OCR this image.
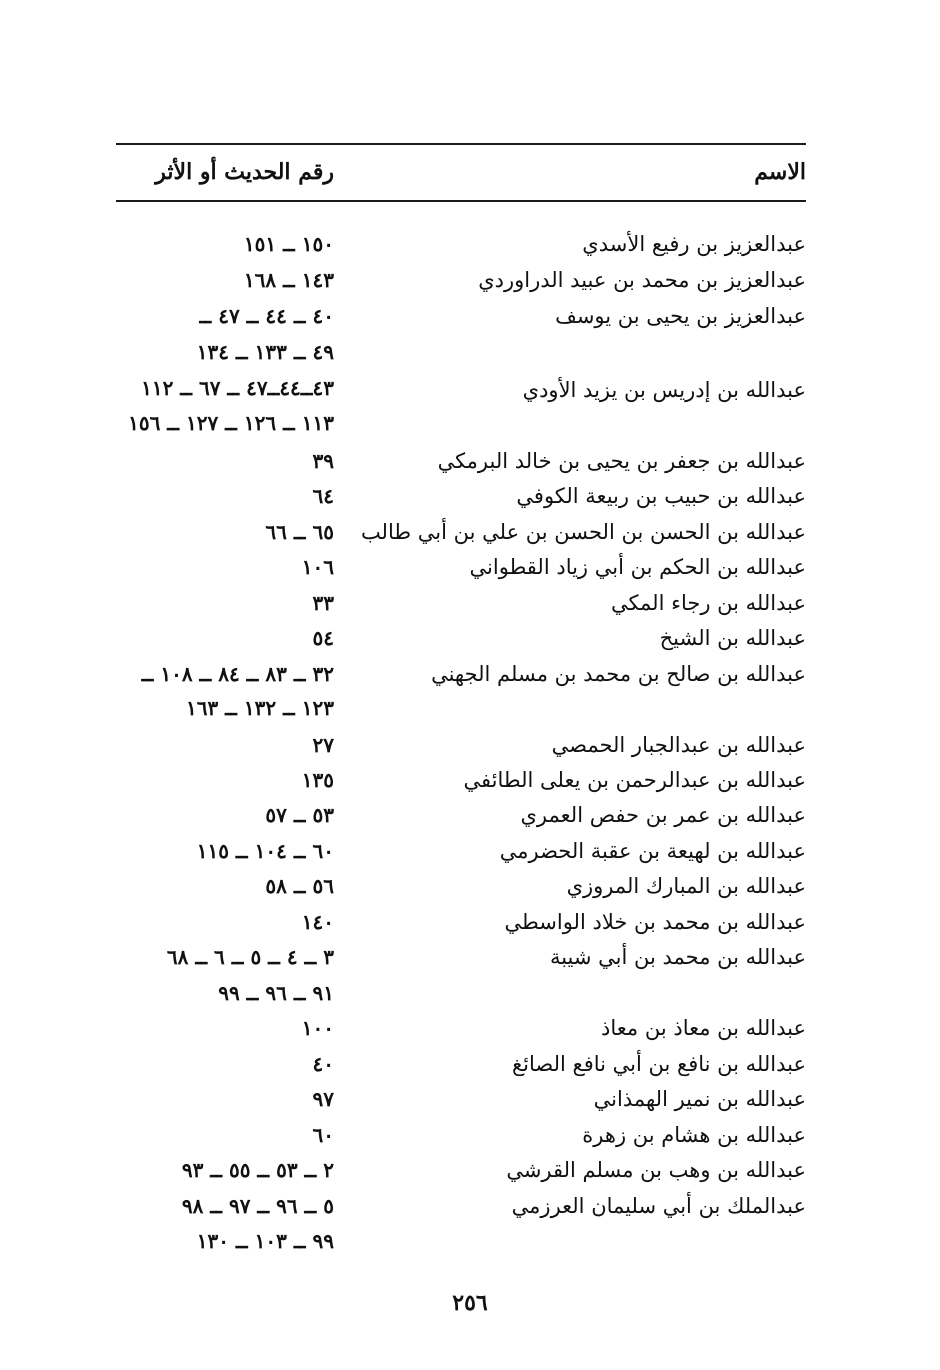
الاسم
رقم الحديث أو الأثر
عبدالعزيز بن رفيع الأسدي
١٥٠ ــ ١٥١
عبدالعزيز بن محمد بن عبيد الدراوردي
١٤٣ ــ ١٦٨
عبدالعزيز بن يحيى بن يوسف
٤٠ ــ ٤٤ ــ ٤٧ ــ
٤٩ ــ ١٣٣ ــ ١٣٤
عبدالله بن إدريس بن يزيد الأودي
٤٣ــ٤٤ــ٤٧ ــ ٦٧ ــ ١١٢
١١٣ ــ ١٢٦ ــ ١٢٧ ــ ١٥٦
عبدالله بن جعفر بن يحيى بن خالد البرمكي
٣٩
عبدالله بن حبيب بن ربيعة الكوفي
٦٤
عبدالله بن الحسن بن الحسن بن علي بن أبي طالب
٦٥ ــ ٦٦
عبدالله بن الحكم بن أبي زياد القطواني
١٠٦
عبدالله بن رجاء المكي
٣٣
عبدالله بن الشيخ
٥٤
عبدالله بن صالح بن محمد بن مسلم الجهني
٣٢ ــ ٨٣ ــ ٨٤ ــ ١٠٨ ــ
١٢٣ ــ ١٣٢ ــ ١٦٣
عبدالله بن عبدالجبار الحمصي
٢٧
عبدالله بن عبدالرحمن بن يعلى الطائفي
١٣٥
عبدالله بن عمر بن حفص العمري
٥٣ ــ ٥٧
عبدالله بن لهيعة بن عقبة الحضرمي
٦٠ ــ ١٠٤ ــ ١١٥
عبدالله بن المبارك المروزي
٥٦ ــ ٥٨
عبدالله بن محمد بن خلاد الواسطي
١٤٠
عبدالله بن محمد بن أبي شيبة
٣ ــ ٤ ــ ٥ ــ ٦ ــ ٦٨
٩١ ــ ٩٦ ــ ٩٩
عبدالله بن معاذ بن معاذ
١٠٠
عبدالله بن نافع بن أبي نافع الصائغ
٤٠
عبدالله بن نمير الهمذاني
٩٧
عبدالله بن هشام بن زهرة
٦٠
عبدالله بن وهب بن مسلم القرشي
٢ ــ ٥٣ ــ ٥٥ ــ ٩٣
عبدالملك بن أبي سليمان العرزمي
٥ ــ ٩٦ ــ ٩٧ ــ ٩٨
٩٩ ــ ١٠٣ ــ ١٣٠
٢٥٦
